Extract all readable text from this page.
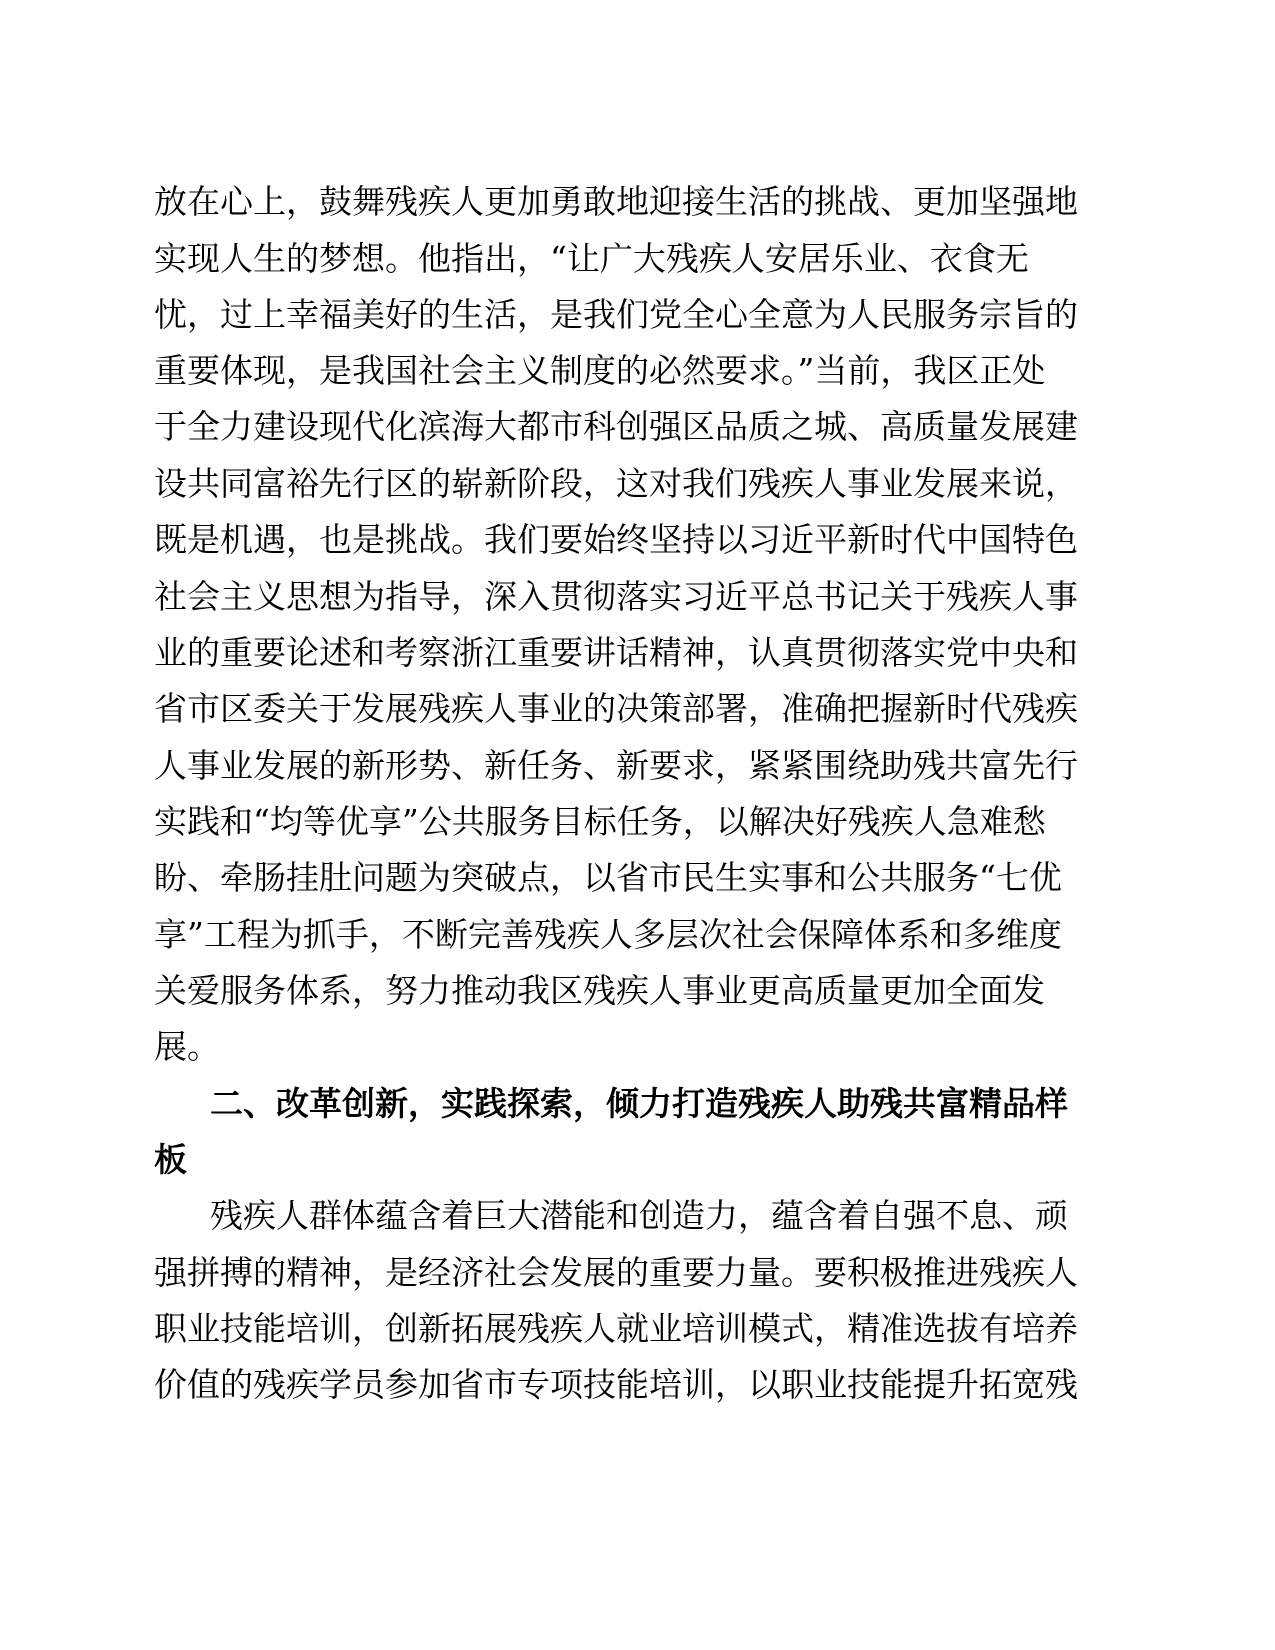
放在心上，鼓舞残疾人更加勇敢地迎接生活的挑战、更加坚强地
实现人生的梦想。他指出，“让广大残疾人安居乐业、衣食无
忧，过上幸福美好的生活，是我们党全心全意为人民服务宗旨的
重要体现，是我国社会主义制度的必然要求。”当前，我区正处
于全力建设现代化滨海大都市科创强区品质之城、高质量发展建
设共同富裕先行区的崭新阶段，这对我们残疾人事业发展来说，
既是机遇，也是挑战。我们要始终坚持以习近平新时代中国特色
社会主义思想为指导，深入贯彻落实习近平总书记关于残疾人事
业的重要论述和考察浙江重要讲话精神，认真贯彻落实党中央和
省市区委关于发展残疾人事业的决策部署，准确把握新时代残疾
人事业发展的新形势、新任务、新要求，紧紧围绕助残共富先行
实践和“均等优享”公共服务目标任务，以解决好残疾人急难愁
盼、牵肠挂肚问题为突破点，以省市民生实事和公共服务“七优
享”工程为抓手，不断完善残疾人多层次社会保障体系和多维度
关爱服务体系，努力推动我区残疾人事业更高质量更加全面发
展。
二、改革创新，实践探索，倾力打造残疾人助残共富精品样
板
残疾人群体蕴含着巨大潜能和创造力，蕴含着自强不息、顽
强拼搏的精神，是经济社会发展的重要力量。要积极推进残疾人
职业技能培训，创新拓展残疾人就业培训模式，精准选拔有培养
价值的残疾学员参加省市专项技能培训，以职业技能提升拓宽残
